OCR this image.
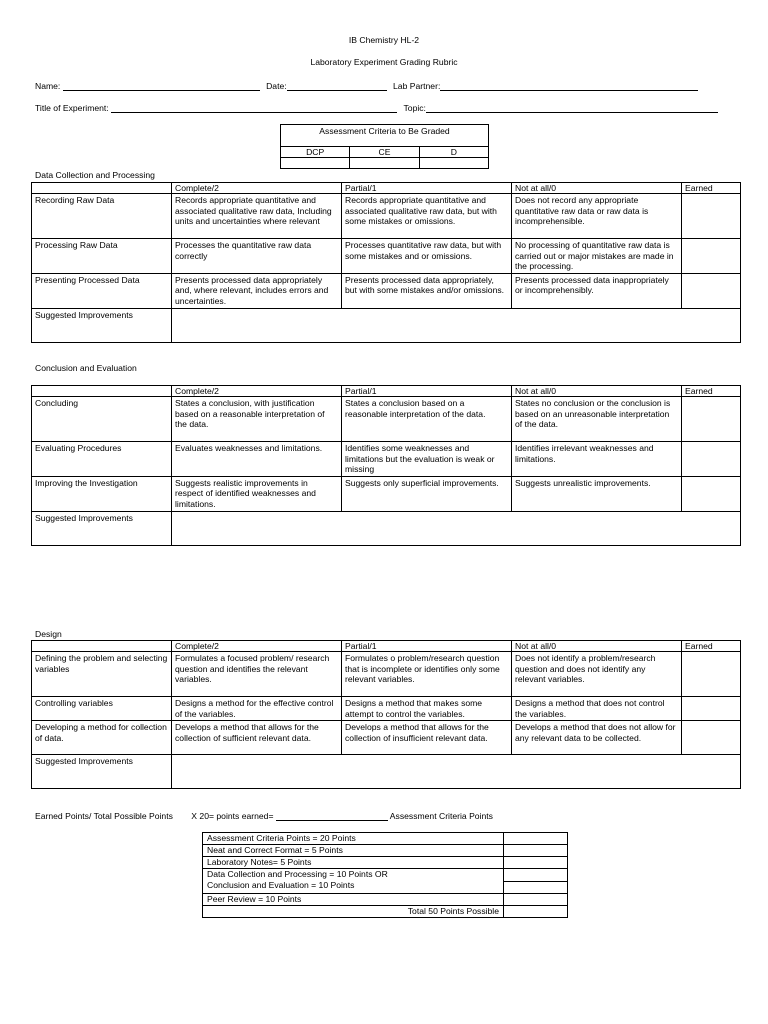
IB Chemistry HL-2
Laboratory Experiment Grading Rubric
Name:	Date:	Lab Partner:
Title of Experiment:	Topic:
Assessment Criteria to Be Graded		
DCP	CE	D

Data Collection and Processing
	Complete/2	Partial/1	Not at all/0	Earned
Recording Raw Data	Records appropriate quantitative and associated qualitative raw data, Including units and uncertainties where relevant	Records appropriate quantitative and associated qualitative raw data, but with some mistakes or omissions.	Does not record any appropriate quantitative raw data or raw data is incomprehensible.	
Processing Raw Data	Processes the quantitative raw data correctly	Processes quantitative raw data, but with some mistakes and or omissions.	No processing of quantitative raw data is carried out or major mistakes are made in the processing.	
Presenting Processed Data	Presents processed data appropriately and, where relevant, includes errors and uncertainties.	Presents processed data appropriately, but with some mistakes and/or omissions.	Presents processed data inappropriately or incomprehensibly.	
Suggested Improvements				
Conclusion and Evaluation
	Complete/2	Partial/1	Not at all/0	Earned
Concluding	States a conclusion, with justification based on a reasonable interpretation of the data.	States a conclusion based on a reasonable interpretation of the data.	States no conclusion or the conclusion is based on an unreasonable interpretation of the data.	
Evaluating Procedures	Evaluates weaknesses and limitations.	Identifies some weaknesses and limitations but the evaluation is weak or missing	Identifies irrelevant weaknesses and limitations.	
Improving the Investigation	Suggests realistic improvements in respect of identified weaknesses and limitations.	Suggests only superficial improvements.	Suggests unrealistic improvements.	
Suggested Improvements				
Design
	Complete/2	Partial/1	Not at all/0	Earned
Defining the problem and selecting variables	Formulates a focused problem/ research question and identifies the relevant variables.	Formulates o problem/research question that is incomplete or identifies only some relevant variables.	Does not identify a problem/research question and does not identify any relevant variables.	
Controlling variables	Designs a method for the effective control of the variables.	Designs a method that makes some attempt to control the variables.	Designs a method that does not control the variables.	
Developing a method for collection of data.	Develops a method that allows for the collection of sufficient relevant data.	Develops a method that allows for the collection of insufficient relevant data.	Develops a method that does not allow for any relevant data to be collected.	
Suggested Improvements				
Earned Points/ Total Possible Points X 20= points earned=	Assessment Criteria Points
Assessment Criteria Points = 20 Points	
Neat and Correct Format = 5 Points	
Laboratory Notes= 5 Points	

Data Collection and Processing = 10 Points OR
Conclusion and Evaluation = 10 Points	

Peer Review = 10 Points	
Total 50 Points Possible	
